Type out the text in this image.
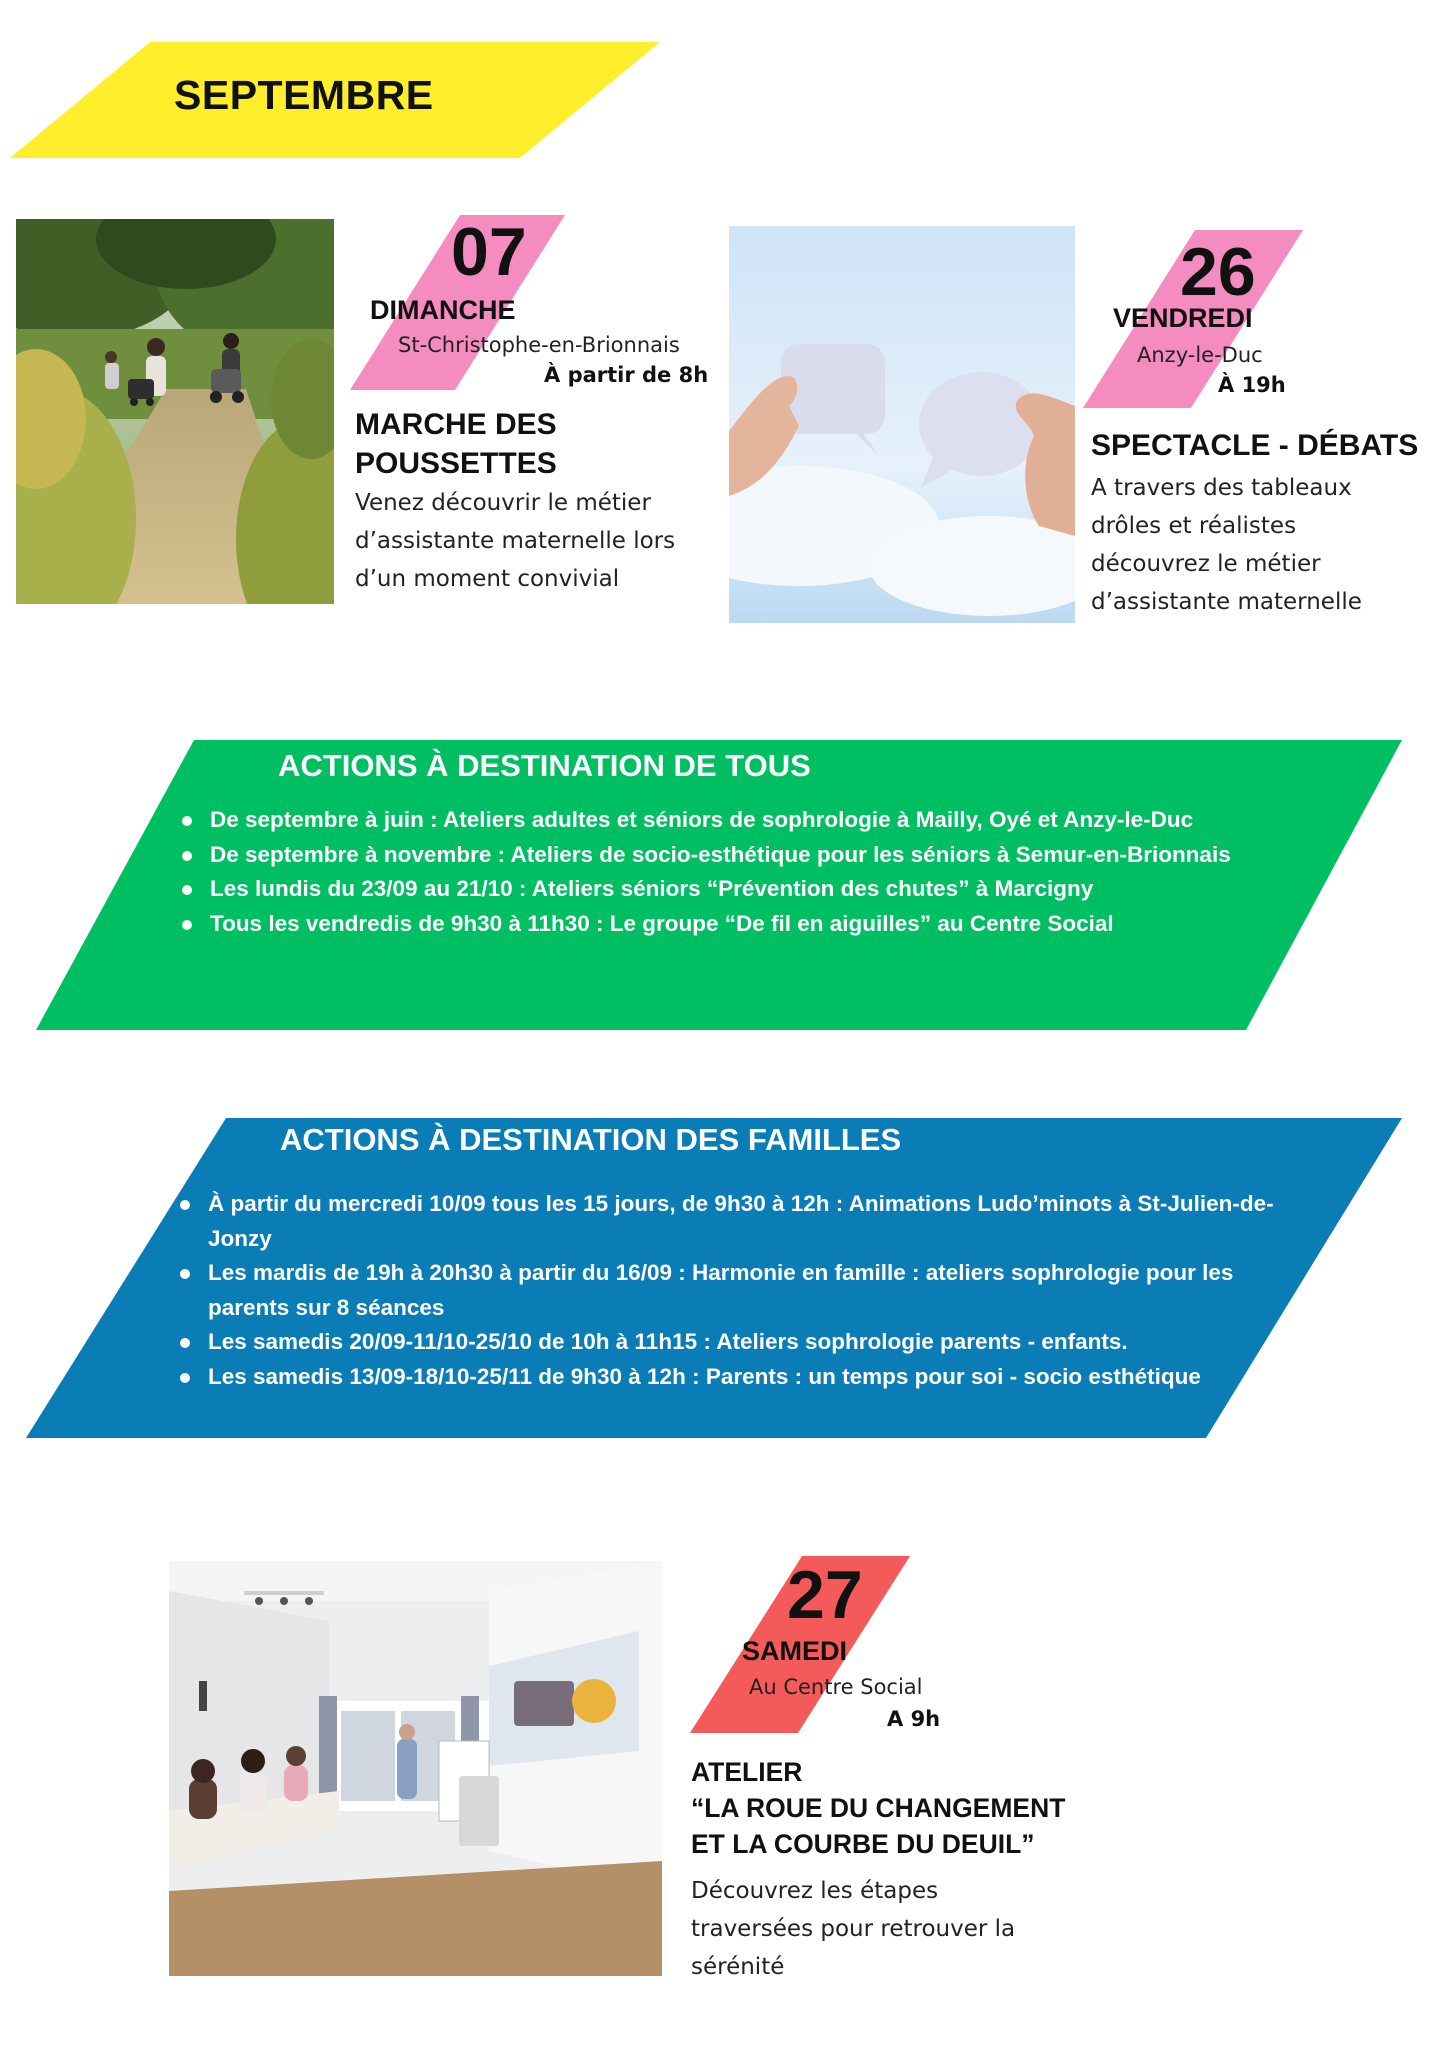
SEPTEMBRE
07
DIMANCHE
St-Christophe-en-Brionnais
À partir de 8h
MARCHE DES
POUSSETTES
Venez découvrir le métier
d’assistante maternelle lors
d’un moment convivial
26
VENDREDI
Anzy-le-Duc
À 19h
SPECTACLE - DÉBATS
A travers des tableaux
drôles et réalistes
découvrez le métier
d’assistante maternelle
ACTIONS À DESTINATION DE TOUS
De septembre à juin : Ateliers adultes et séniors de sophrologie à Mailly, Oyé et Anzy-le-Duc
De septembre à novembre : Ateliers de socio-esthétique pour les séniors à Semur-en-Brionnais
Les lundis du 23/09 au 21/10 : Ateliers séniors “Prévention des chutes” à Marcigny
Tous les vendredis de 9h30 à 11h30 : Le groupe “De fil en aiguilles” au Centre Social
ACTIONS À DESTINATION DES FAMILLES
À partir du mercredi 10/09 tous les 15 jours, de 9h30 à 12h : Animations Ludo’minots à St-Julien-de-Jonzy
Les mardis de 19h à 20h30 à partir du 16/09 : Harmonie en famille : ateliers sophrologie pour les parents sur 8 séances
Les samedis 20/09-11/10-25/10 de 10h à 11h15 : Ateliers sophrologie parents - enfants.
Les samedis 13/09-18/10-25/11 de 9h30 à 12h : Parents : un temps pour soi - socio esthétique
27
SAMEDI
Au Centre Social
A 9h
ATELIER
“LA ROUE DU CHANGEMENT
ET LA COURBE DU DEUIL”
Découvrez les étapes
traversées pour retrouver la
sérénité
